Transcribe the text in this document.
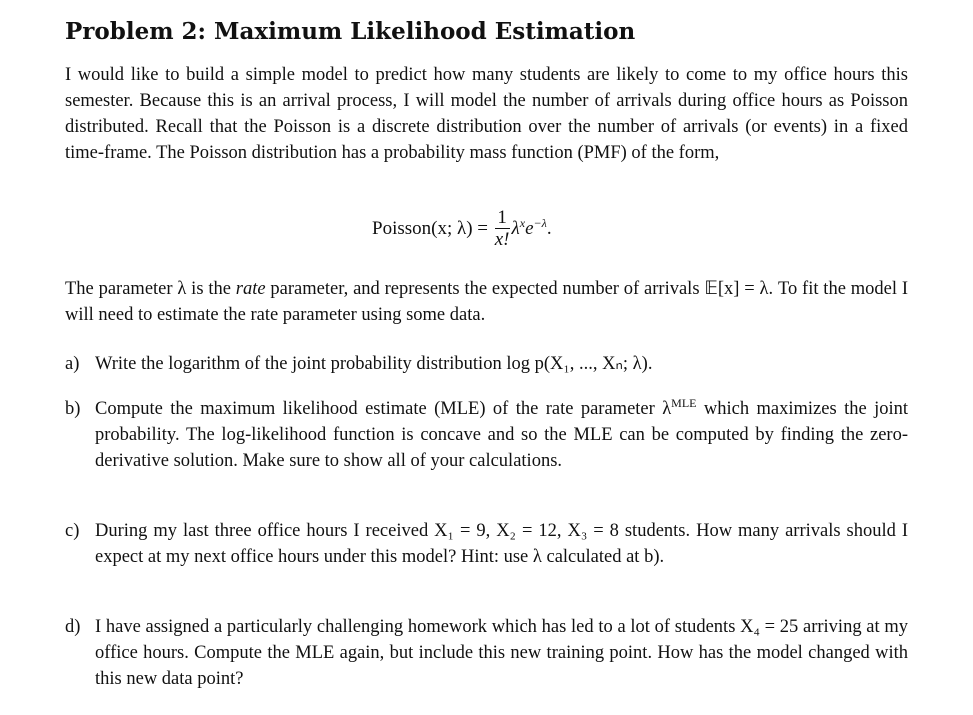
Problem 2: Maximum Likelihood Estimation
I would like to build a simple model to predict how many students are likely to come to my office hours this semester. Because this is an arrival process, I will model the number of arrivals during office hours as Poisson distributed. Recall that the Poisson is a discrete distribution over the number of arrivals (or events) in a fixed time-frame. The Poisson distribution has a probability mass function (PMF) of the form,
Poisson(x; $\lambda) = \frac{1}{x!} \lambda^xe^{-\lambda}$.
The parameter λ is the rate parameter, and represents the expected number of arrivals 𝔼[x] = λ. To fit the model I will need to estimate the rate parameter using some data.
a) Write the logarithm of the joint probability distribution log p(X₁, ..., Xₙ; λ).
b) Compute the maximum likelihood estimate (MLE) of the rate parameter $\lambda^{MLE}$ which maximizes the joint probability. The log-likelihood function is concave and so the MLE can be computed by finding the zero-derivative solution. Make sure to show all of your calculations.
c) During my last three office hours I received X₁ = 9, X₂ = 12, X₃ = 8 students. How many arrivals should I expect at my next office hours under this model? Hint: use λ calculated at b).
d) I have assigned a particularly challenging homework which has led to a lot of students X₄ = 25 arriving at my office hours. Compute the MLE again, but include this new training point. How has the model changed with this new data point?
